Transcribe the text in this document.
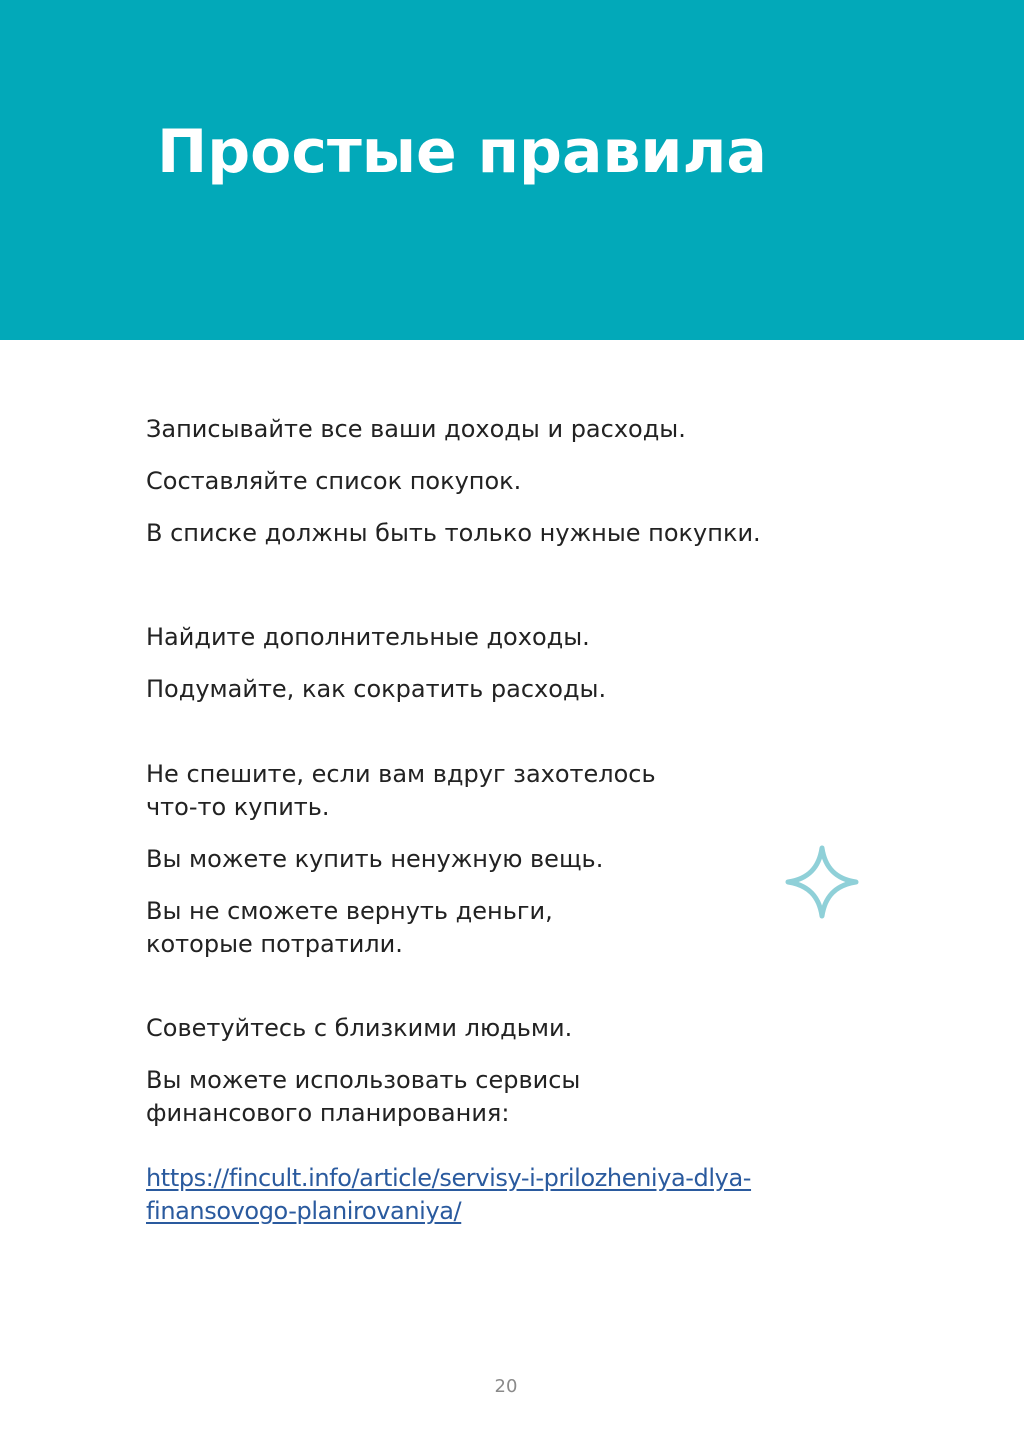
Простые правила

Записывайте все ваши доходы и расходы.

Составляйте список покупок.

В списке должны быть только нужные покупки.

Найдите дополнительные доходы.

Подумайте, как сократить расходы.

Не спешите, если вам вдруг захотелось

что-то купить.

Вы можете купить ненужную вещь.

Вы не сможете вернуть деньги,

которые потратили.

Советуйтесь с близкими людьми.

Вы можете использовать сервисы

финансового планирования:

https://fincult.info/article/servisy-i-prilozheniya-dlya-
finansovogo-planirovaniya/
20
